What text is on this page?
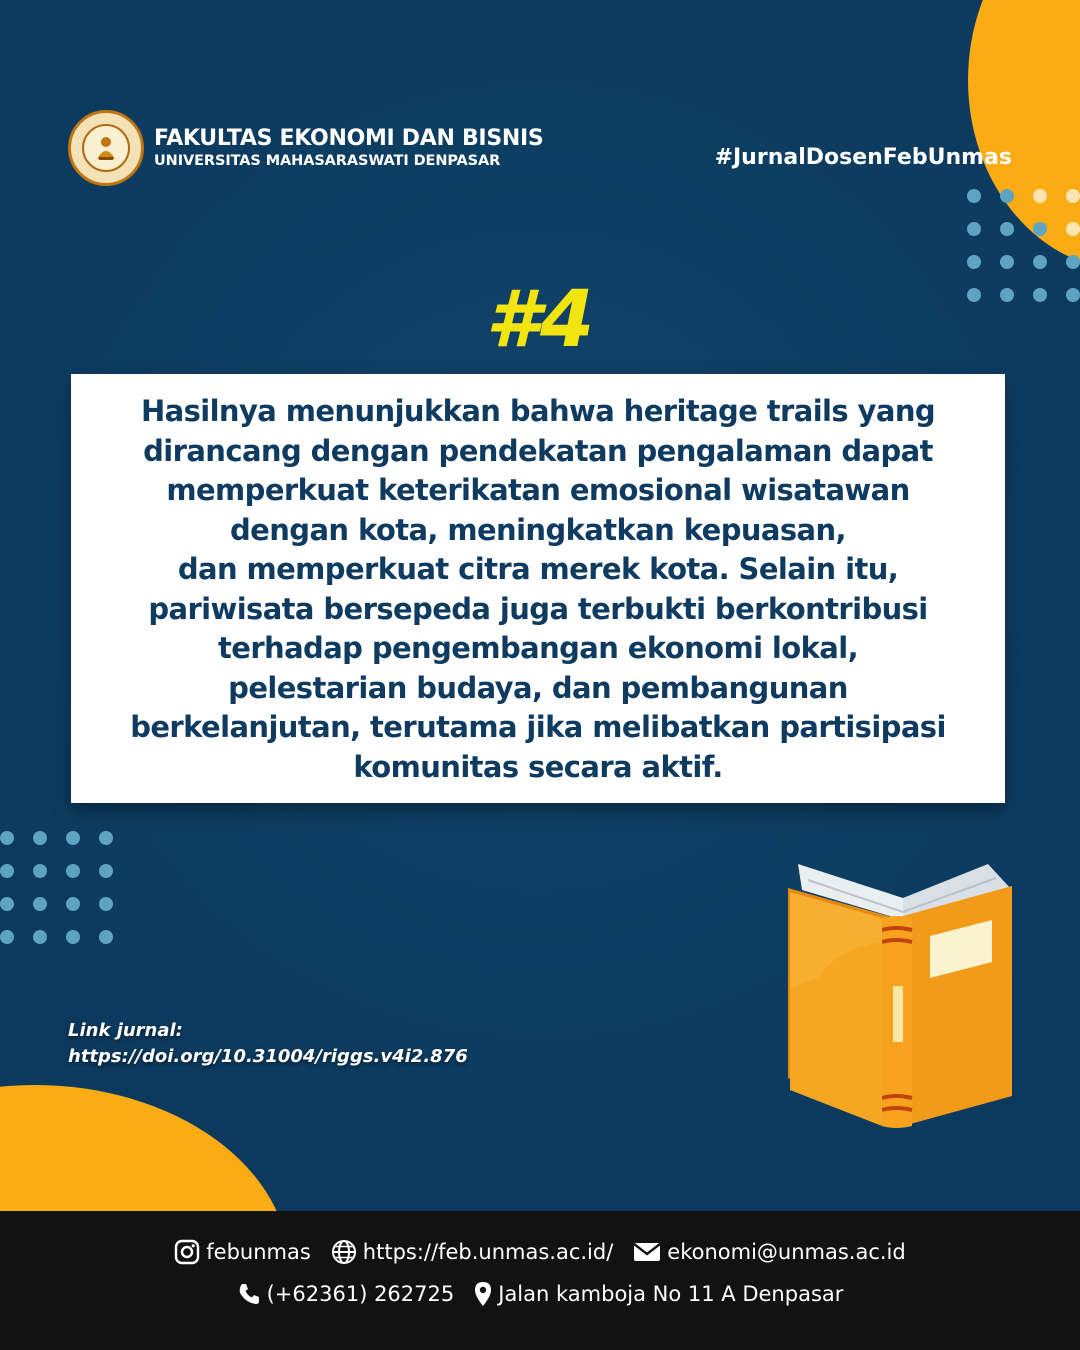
FAKULTAS EKONOMI DAN BISNIS
UNIVERSITAS MAHASARASWATI DENPASAR	#JurnalDosenFebUnmas
#4

Hasilnya menunjukkan bahwa heritage trails yang
dirancang dengan pendekatan pengalaman dapat
memperkuat keterikatan emosional wisatawan
dengan kota, meningkatkan kepuasan,
dan memperkuat citra merek kota. Selain itu,
pariwisata bersepeda juga terbukti berkontribusi
terhadap pengembangan ekonomi lokal,
pelestarian budaya, dan pembangunan
berkelanjutan, terutama jika melibatkan partisipasi
komunitas secara aktif.

Link jurnal:
https://doi.org/10.31004/riggs.v4i2.876
febunmas https://feb.unmas.ac.id/	ekonomi@unmas.ac.id
(+62361) 262725 Jalan kamboja No 11 A Denpasar
